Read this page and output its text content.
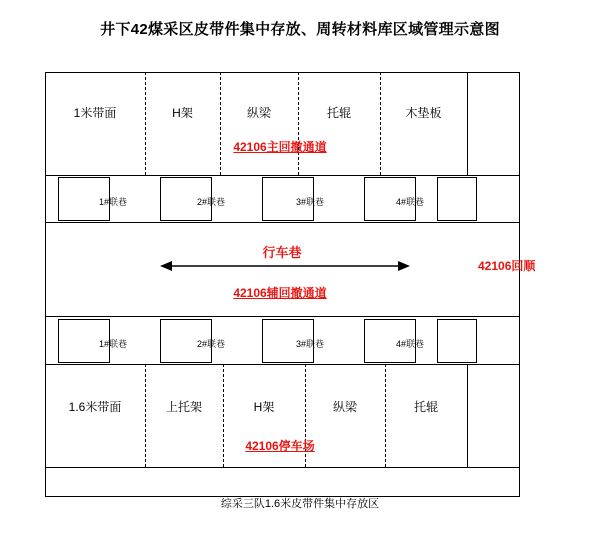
井下42煤采区皮带件集中存放、周转材料库区域管理示意图
1米带面	H架	纵梁	托辊	木垫板
42106主回撤通道
1#联巷	2#联巷	3#联巷	4#联巷
行车巷
42106辅回撤通道
42106回顺
1#联巷	2#联巷	3#联巷	4#联巷
1.6米带面	上托架	H架	纵梁	托辊
42106停车场
综采三队1.6米皮带件集中存放区
